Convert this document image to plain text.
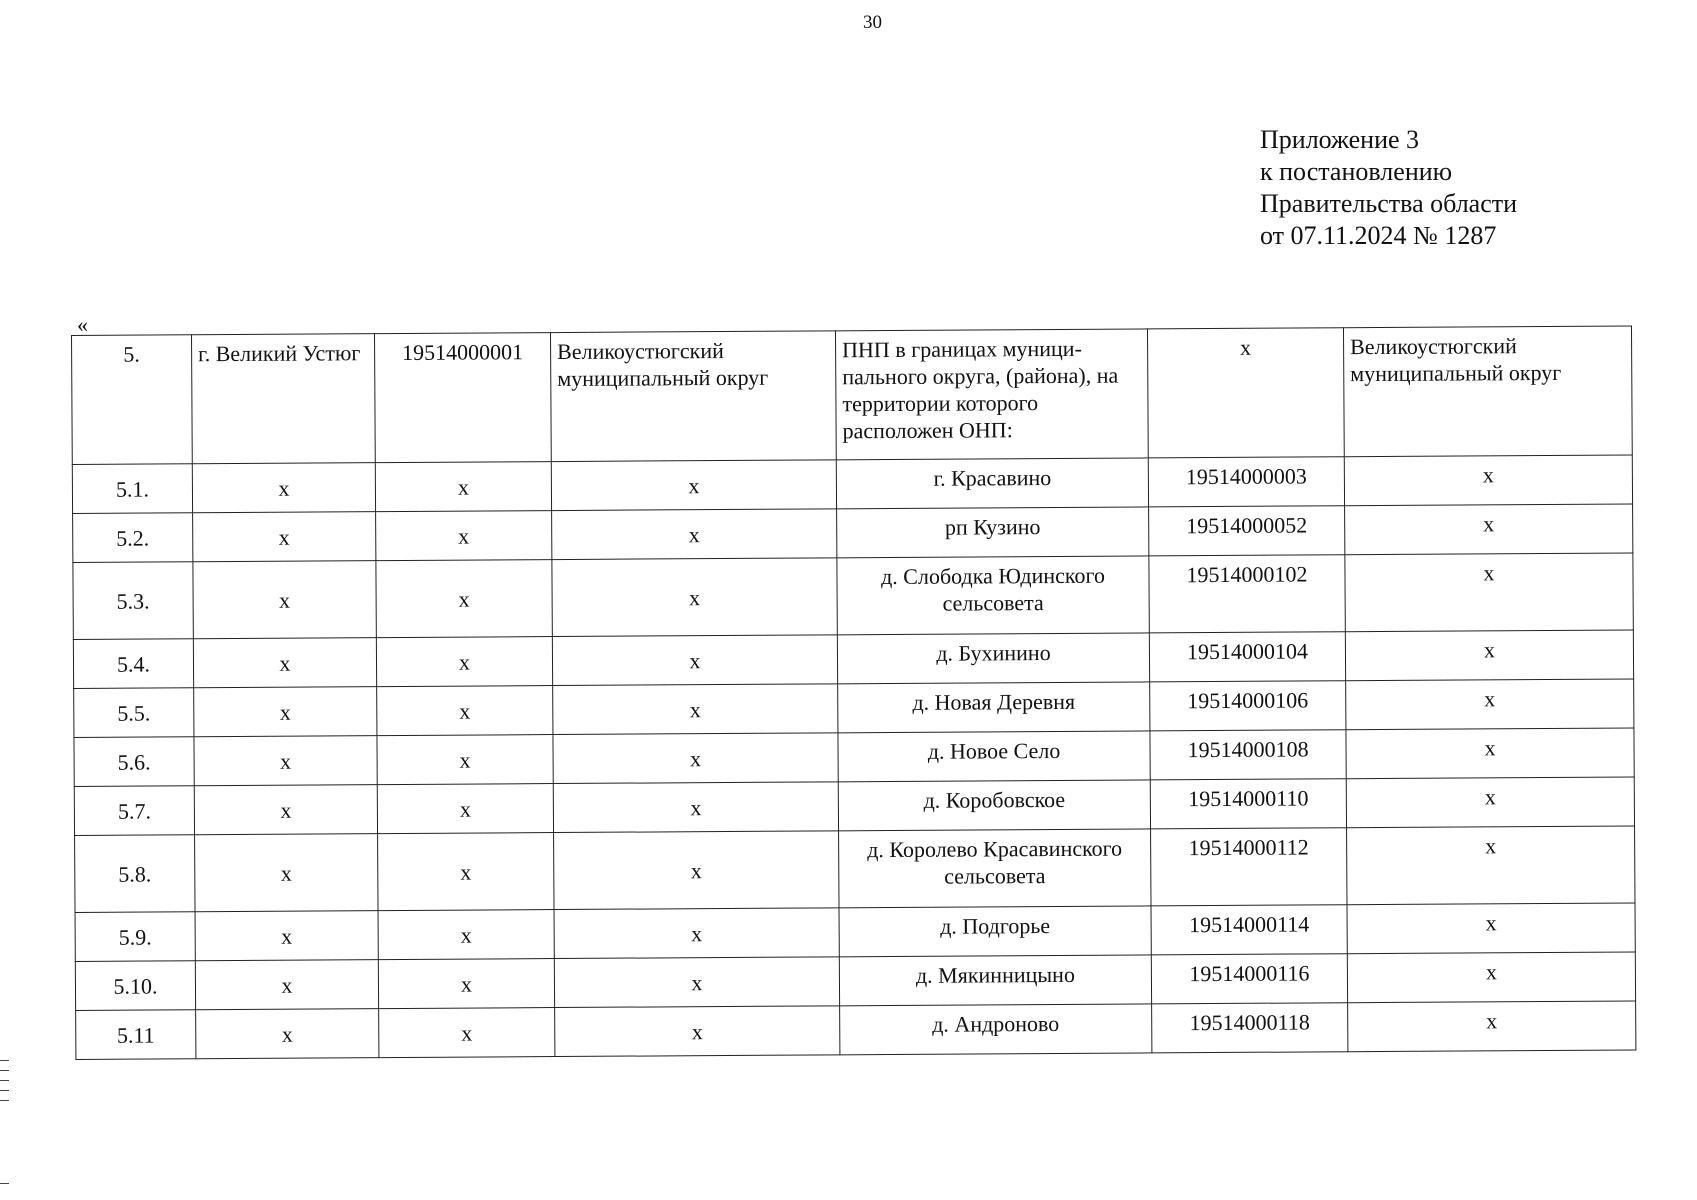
30
Приложение 3
к постановлению
Правительства области
от 07.11.2024 № 1287
«
5.	г. Великий Устюг	19514000001	Великоустюгский муниципальный округ	ПНП в границах муници-пального округа, (района), на территории которого расположен ОНП:	x	Великоустюгский муниципальный округ
5.1.	x	x	x	г. Красавино	19514000003	x
5.2.	x	x	x	рп Кузино	19514000052	x
5.3.	x	x	x	д. Слободка Юдинского сельсовета	19514000102	x
5.4.	x	x	x	д. Бухинино	19514000104	x
5.5.	x	x	x	д. Новая Деревня	19514000106	x
5.6.	x	x	x	д. Новое Село	19514000108	x
5.7.	x	x	x	д. Коробовское	19514000110	x
5.8.	x	x	x	д. Королево Красавинского сельсовета	19514000112	x
5.9.	x	x	x	д. Подгорье	19514000114	x
5.10.	x	x	x	д. Мякинницыно	19514000116	x
5.11	x	x	x	д. Андроново	19514000118	x
